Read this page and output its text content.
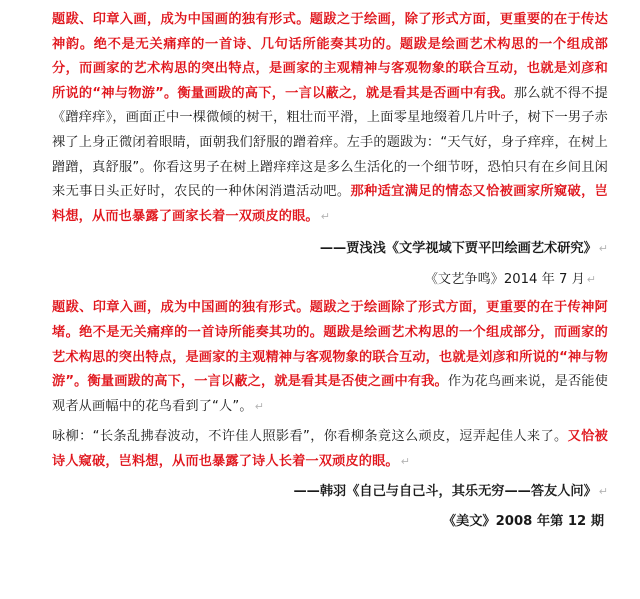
题跋、印章入画，成为中国画的独有形式。题跋之于绘画，除了形式方面，更重要的在于传达神韵。绝不是无关痛痒的一首诗、几句话所能奏其功的。题跋是绘画艺术构思的一个组成部分，而画家的艺术构思的突出特点，是画家的主观精神与客观物象的联合互动，也就是刘彦和所说的“神与物游”。衡量画跋的高下，一言以蔽之，就是看其是否画中有我。那么就不得不提《蹭痒痒》，画面正中一棵微倾的树干，粗壮而平滑，上面零星地缀着几片叶子，树下一男子赤裸了上身正微闭着眼睛，面朝我们舒服的蹭着痒。左手的题跋为：“天气好，身子痒痒，在树上蹭蹭，真舒服”。你看这男子在树上蹭痒痒这是多么生活化的一个细节呀，恐怕只有在乡间且闲来无事日头正好时，农民的一种休闲消遣活动吧。那种适宜满足的情态又恰被画家所窥破，岂料想，从而也暴露了画家长着一双顽皮的眼。 ↵

——贾浅浅《文学视域下贾平凹绘画艺术研究》 ↵

《文艺争鸣》2014 年 7 月 ↵

题跋、印章入画，成为中国画的独有形式。题跋之于绘画除了形式方面，更重要的在于传神阿堵。绝不是无关痛痒的一首诗所能奏其功的。题跋是绘画艺术构思的一个组成部分，而画家的艺术构思的突出特点，是画家的主观精神与客观物象的联合互动，也就是刘彦和所说的“神与物游”。衡量画跋的高下，一言以蔽之，就是看其是否使之画中有我。作为花鸟画来说，是否能使观者从画幅中的花鸟看到了“人”。 ↵

咏柳：“长条乱拂春波动，不许佳人照影看”，你看柳条竟这么顽皮，逗弄起佳人来了。又恰被诗人窥破，岂料想，从而也暴露了诗人长着一双顽皮的眼。 ↵

——韩羽《自己与自己斗，其乐无穷——答友人问》 ↵

《美文》2008 年第 12 期
